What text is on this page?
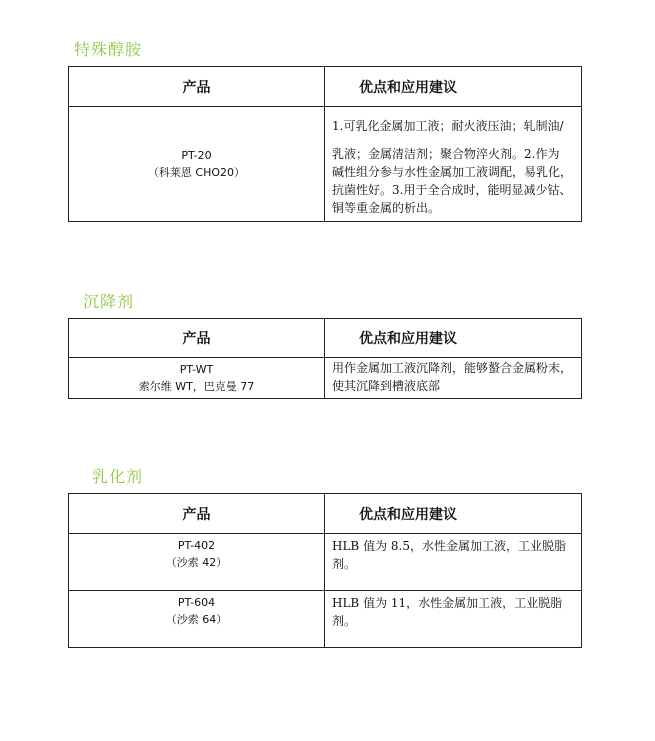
特殊醇胺
产品	优点和应用建议

PT-20
（科莱恩 CHO20）	1.可乳化金属加工液；耐火液压油；轧制油/
乳液；金属清洁剂；聚合物淬火剂。2.作为
碱性组分参与水性金属加工液调配，易乳化，
抗菌性好。3.用于全合成时，能明显减少钴、
铜等重金属的析出。
沉降剂
产品	优点和应用建议

PT-WT
索尔维 WT，巴克曼 77	用作金属加工液沉降剂，能够螯合金属粉末，
使其沉降到槽液底部
乳化剂
产品	优点和应用建议

PT-402
（沙索 42）	HLB 值为 8.5，水性金属加工液，工业脱脂
剂。

PT-604
（沙索 64）	HLB 值为 11，水性金属加工液，工业脱脂
剂。
